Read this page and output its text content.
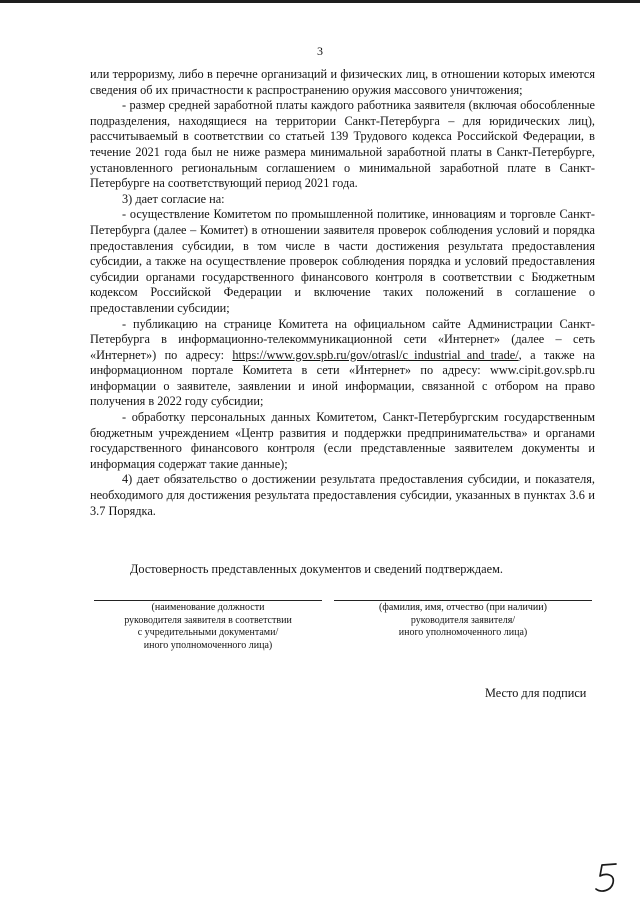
3

или терроризму, либо в перечне организаций и физических лиц, в отношении которых имеются сведения об их причастности к распространению оружия массового уничтожения;

- размер средней заработной платы каждого работника заявителя (включая обособленные подразделения, находящиеся на территории Санкт-Петербурга – для юридических лиц), рассчитываемый в соответствии со статьей 139 Трудового кодекса Российской Федерации, в течение 2021 года был не ниже размера минимальной заработной платы в Санкт-Петербурге, установленного региональным соглашением о минимальной заработной плате в Санкт-Петербурге на соответствующий период 2021 года.

3) дает согласие на:

- осуществление Комитетом по промышленной политике, инновациям и торговле Санкт-Петербурга (далее – Комитет) в отношении заявителя проверок соблюдения условий и порядка предоставления субсидии, в том числе в части достижения результата предоставления субсидии, а также на осуществление проверок соблюдения порядка и условий предоставления субсидии органами государственного финансового контроля в соответствии с Бюджетным кодексом Российской Федерации и включение таких положений в соглашение о предоставлении субсидии;

- публикацию на странице Комитета на официальном сайте Администрации Санкт-Петербурга в информационно-телекоммуникационной сети «Интернет» (далее – сеть «Интернет») по адресу: https://www.gov.spb.ru/gov/otrasl/c_industrial_and_trade/, а также на информационном портале Комитета в сети «Интернет» по адресу: www.cipit.gov.spb.ru информации о заявителе, заявлении и иной информации, связанной с отбором на право получения в 2022 году субсидии;

- обработку персональных данных Комитетом, Санкт-Петербургским государственным бюджетным учреждением «Центр развития и поддержки предпринимательства» и органами государственного финансового контроля (если представленные заявителем документы и информация содержат такие данные);

4) дает обязательство о достижении результата предоставления субсидии, и показателя, необходимого для достижения результата предоставления субсидии, указанных в пунктах 3.6 и 3.7 Порядка.

Достоверность представленных документов и сведений подтверждаем.
(наименование должности
руководителя заявителя в соответствии
с учредительными документами/
иного уполномоченного лица)
(фамилия, имя, отчество (при наличии)
руководителя заявителя/
иного уполномоченного лица)
Место для подписи
